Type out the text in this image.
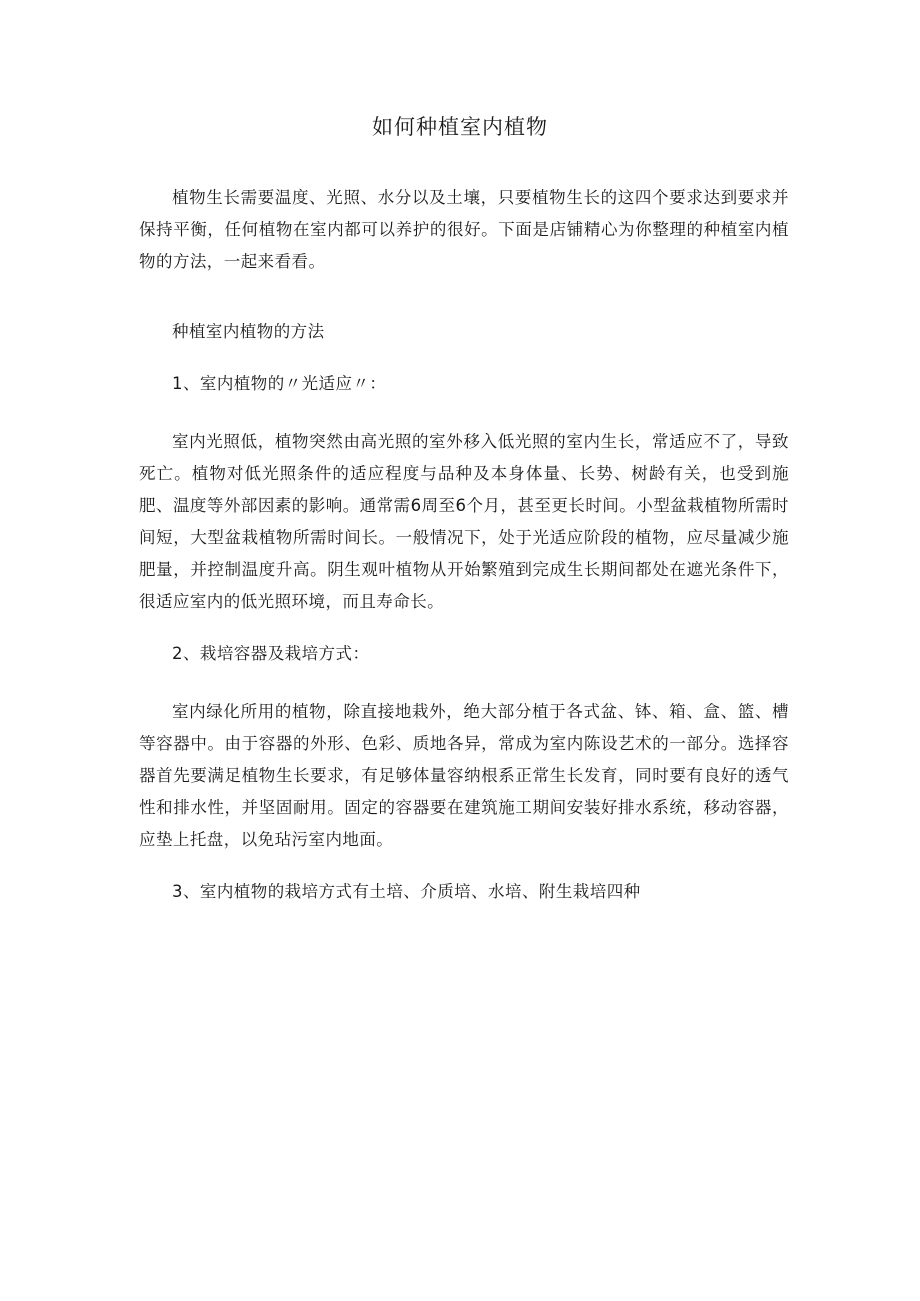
如何种植室内植物

植物生长需要温度、光照、水分以及土壤，只要植物生长的这四个要求达到要求并保持平衡，任何植物在室内都可以养护的很好。下面是店铺精心为你整理的种植室内植物的方法，一起来看看。

种植室内植物的方法

1、室内植物的〃光适应〃：

室内光照低，植物突然由高光照的室外移入低光照的室内生长，常适应不了，导致死亡。植物对低光照条件的适应程度与品种及本身体量、长势、树龄有关，也受到施肥、温度等外部因素的影响。通常需6周至6个月，甚至更长时间。小型盆栽植物所需时间短，大型盆栽植物所需时间长。一般情况下，处于光适应阶段的植物，应尽量减少施肥量，并控制温度升高。阴生观叶植物从开始繁殖到完成生长期间都处在遮光条件下，很适应室内的低光照环境，而且寿命长。

2、栽培容器及栽培方式：

室内绿化所用的植物，除直接地栽外，绝大部分植于各式盆、钵、箱、盒、篮、槽等容器中。由于容器的外形、色彩、质地各异，常成为室内陈设艺术的一部分。选择容器首先要满足植物生长要求，有足够体量容纳根系正常生长发育，同时要有良好的透气性和排水性，并坚固耐用。固定的容器要在建筑施工期间安装好排水系统，移动容器，应垫上托盘，以免玷污室内地面。

3、室内植物的栽培方式有土培、介质培、水培、附生栽培四种
